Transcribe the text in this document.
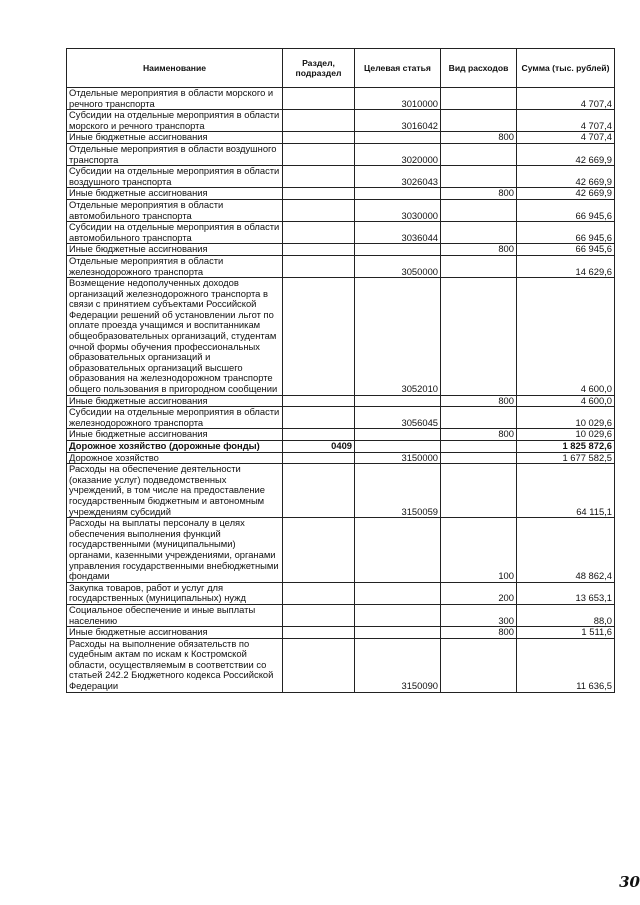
Наименование	Раздел, подраздел	Целевая статья	Вид расходов	Сумма (тыс. рублей)
Отдельные мероприятия в области морского и речного транспорта		3010000		4 707,4
Субсидии на отдельные мероприятия в области морского и речного транспорта		3016042		4 707,4
Иные бюджетные ассигнования			800	4 707,4
Отдельные мероприятия в области воздушного транспорта		3020000		42 669,9
Субсидии на отдельные мероприятия в области воздушного транспорта		3026043		42 669,9
Иные бюджетные ассигнования			800	42 669,9
Отдельные мероприятия в области автомобильного транспорта		3030000		66 945,6
Субсидии на отдельные мероприятия в области автомобильного транспорта		3036044		66 945,6
Иные бюджетные ассигнования			800	66 945,6
Отдельные мероприятия в области железнодорожного транспорта		3050000		14 629,6
Возмещение недополученных доходов организаций железнодорожного транспорта в связи с принятием субъектами Российской Федерации решений об установлении льгот по оплате проезда учащимся и воспитанникам общеобразовательных организаций, студентам очной формы обучения профессиональных образовательных организаций и образовательных организаций высшего образования на железнодорожном транспорте общего пользования в пригородном сообщении		3052010		4 600,0
Иные бюджетные ассигнования			800	4 600,0
Субсидии на отдельные мероприятия в области железнодорожного транспорта		3056045		10 029,6
Иные бюджетные ассигнования			800	10 029,6
Дорожное хозяйство (дорожные фонды)	0409			1 825 872,6
Дорожное хозяйство		3150000		1 677 582,5
Расходы на обеспечение деятельности (оказание услуг) подведомственных учреждений, в том числе на предоставление государственным бюджетным и автономным учреждениям субсидий		3150059		64 115,1
Расходы на выплаты персоналу в целях обеспечения выполнения функций государственными (муниципальными) органами, казенными учреждениями, органами управления государственными внебюджетными фондами			100	48 862,4
Закупка товаров, работ и услуг для государственных (муниципальных) нужд			200	13 653,1
Социальное обеспечение и иные выплаты населению			300	88,0
Иные бюджетные ассигнования			800	1 511,6
Расходы на выполнение обязательств по судебным актам по искам к Костромской области, осуществляемым в соответствии со статьей 242.2 Бюджетного кодекса Российской Федерации		3150090		11 636,5
30
